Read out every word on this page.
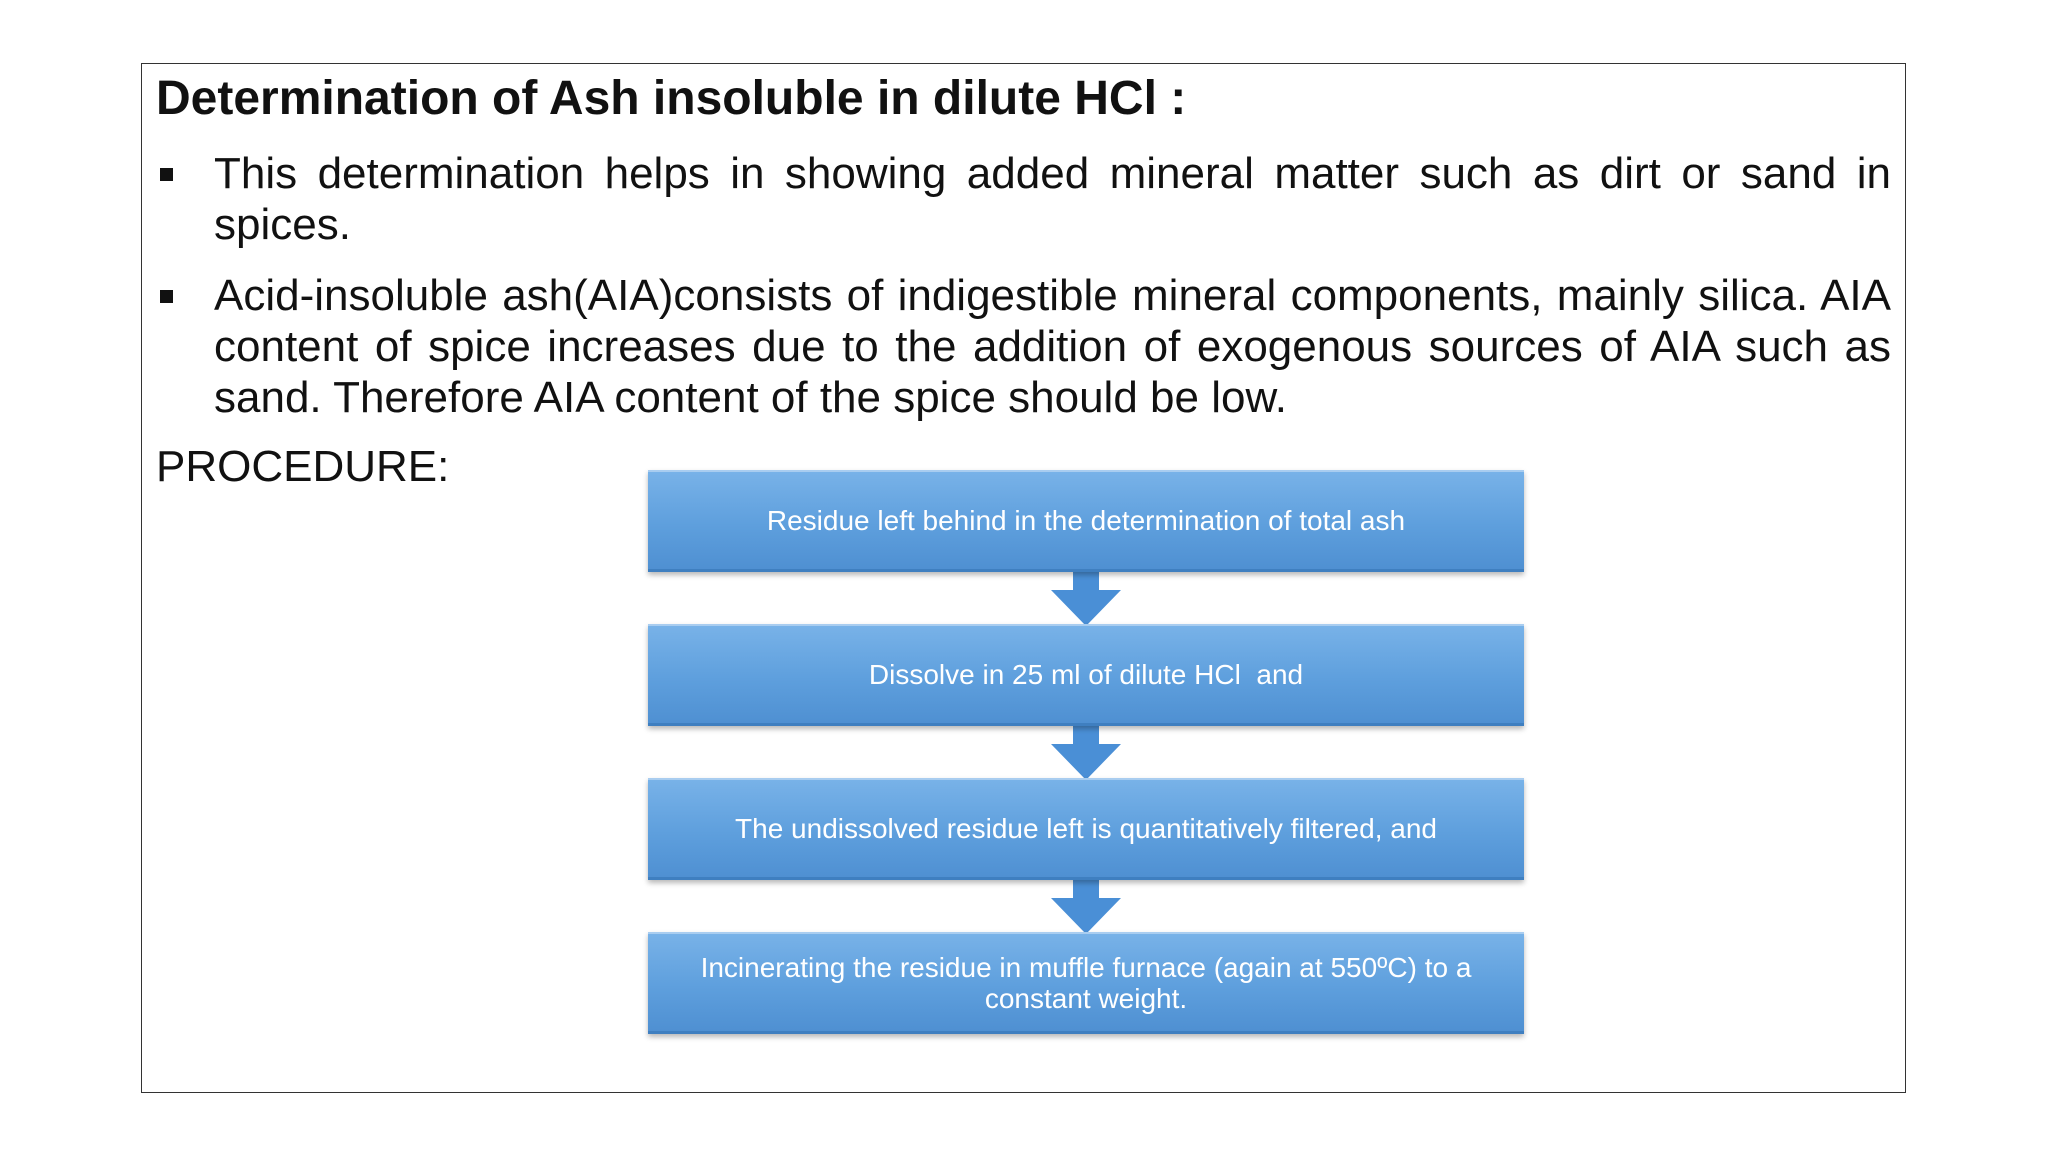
Determination of Ash insoluble in dilute HCl :

This determination helps in showing added mineral matter such as dirt or sand in spices.

Acid-insoluble ash(AIA)consists of indigestible mineral components, mainly silica. AIA content of spice increases due to the addition of exogenous sources of AIA such as sand. Therefore AIA content of the spice should be low.

PROCEDURE:

Residue left behind in the determination of total ash
Dissolve in 25 ml of dilute HCl  and
The undissolved residue left is quantitatively filtered, and
Incinerating the residue in muffle furnace (again at 550ºC) to a constant weight.
